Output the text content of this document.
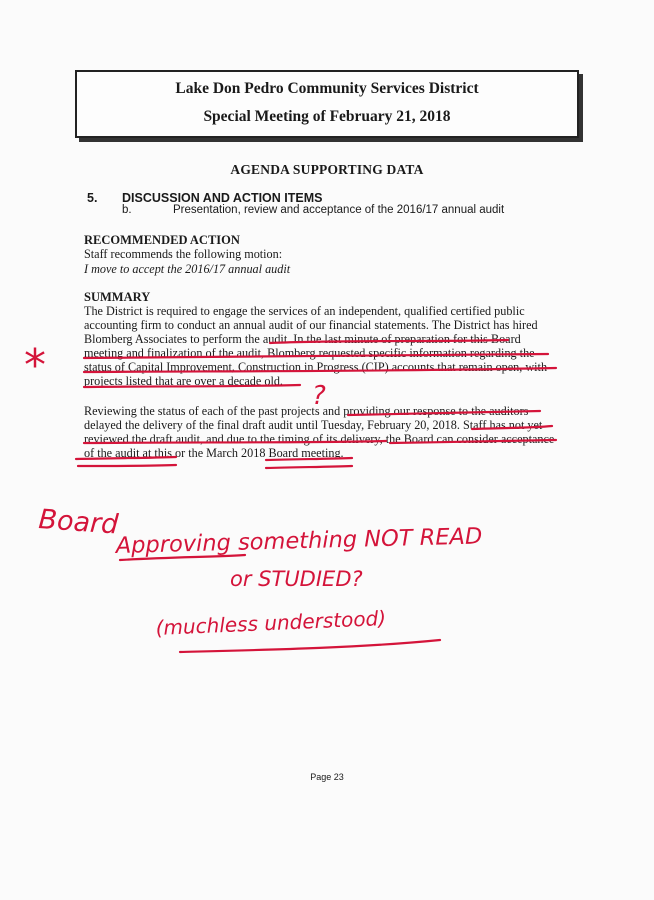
Lake Don Pedro Community Services District
Special Meeting of February 21, 2018
AGENDA SUPPORTING DATA
5. DISCUSSION AND ACTION ITEMS
b.	Presentation, review and acceptance of the 2016/17 annual audit
RECOMMENDED ACTION
Staff recommends the following motion:
I move to accept the 2016/17 annual audit
SUMMARY
The District is required to engage the services of an independent, qualified certified public
accounting firm to conduct an annual audit of our financial statements. The District has hired
Blomberg Associates to perform the audit. In the last minute of preparation for this Board
meeting and finalization of the audit, Blomberg requested specific information regarding the
status of Capital Improvement, Construction in Progress (CIP) accounts that remain open, with
projects listed that are over a decade old.
Reviewing the status of each of the past projects and providing our response to the auditors
delayed the delivery of the final draft audit until Tuesday, February 20, 2018. Staff has not yet
reviewed the draft audit, and due to the timing of its delivery, the Board can consider acceptance
of the audit at this or the March 2018 Board meeting.
Page 23
*
?
Board
Approving something NOT READ
or STUDIED?
(muchless understood)
